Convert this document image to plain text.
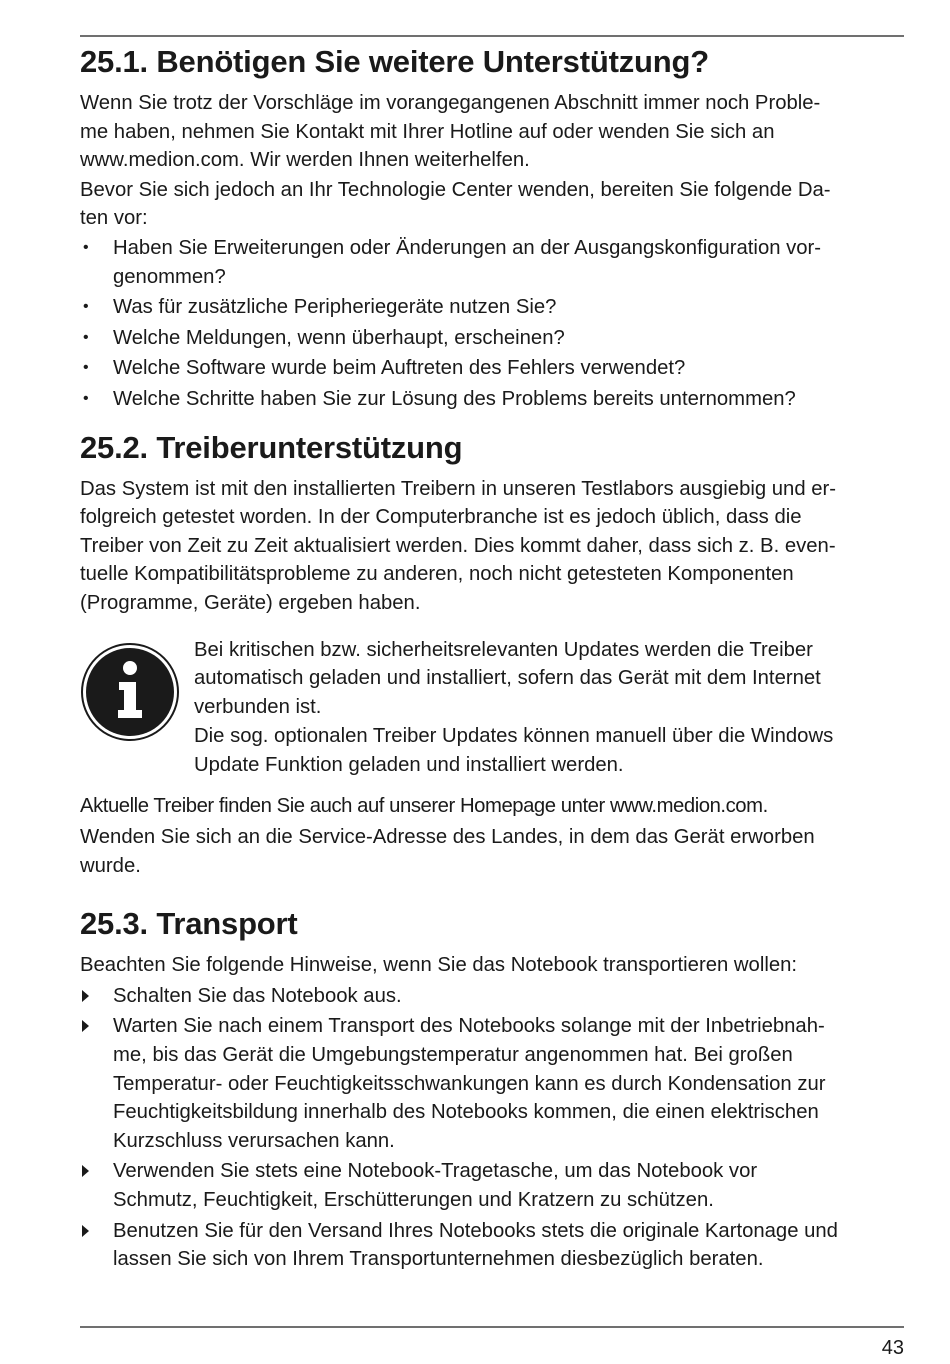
25.1. Benötigen Sie weitere Unterstützung?

Wenn Sie trotz der Vorschläge im vorangegangenen Abschnitt immer noch Proble-
me haben, nehmen Sie Kontakt mit Ihrer Hotline auf oder wenden Sie sich an
www.medion.com. Wir werden Ihnen weiterhelfen.

Bevor Sie sich jedoch an Ihr Technologie Center wenden, bereiten Sie folgende Da-
ten vor:

• Haben Sie Erweiterungen oder Änderungen an der Ausgangskonfiguration vor-
genommen?
• Was für zusätzliche Peripheriegeräte nutzen Sie?
• Welche Meldungen, wenn überhaupt, erscheinen?
• Welche Software wurde beim Auftreten des Fehlers verwendet?
• Welche Schritte haben Sie zur Lösung des Problems bereits unternommen?
25.2. Treiberunterstützung

Das System ist mit den installierten Treibern in unseren Testlabors ausgiebig und er-
folgreich getestet worden. In der Computerbranche ist es jedoch üblich, dass die
Treiber von Zeit zu Zeit aktualisiert werden. Dies kommt daher, dass sich z. B. even-
tuelle Kompatibilitätsprobleme zu anderen, noch nicht getesteten Komponenten
(Programme, Geräte) ergeben haben.

Bei kritischen bzw. sicherheitsrelevanten Updates werden die Treiber
automatisch geladen und installiert, sofern das Gerät mit dem Internet
verbunden ist.

Die sog. optionalen Treiber Updates können manuell über die Windows
Update Funktion geladen und installiert werden.

Aktuelle Treiber finden Sie auch auf unserer Homepage unter www.medion.com.

Wenden Sie sich an die Service-Adresse des Landes, in dem das Gerät erworben
wurde.

25.3. Transport

Beachten Sie folgende Hinweise, wenn Sie das Notebook transportieren wollen:

Schalten Sie das Notebook aus.
Warten Sie nach einem Transport des Notebooks solange mit der Inbetriebnah-
me, bis das Gerät die Umgebungstemperatur angenommen hat. Bei großen
Temperatur- oder Feuchtigkeitsschwankungen kann es durch Kondensation zur
Feuchtigkeitsbildung innerhalb des Notebooks kommen, die einen elektrischen
Kurzschluss verursachen kann.
Verwenden Sie stets eine Notebook-Tragetasche, um das Notebook vor
Schmutz, Feuchtigkeit, Erschütterungen und Kratzern zu schützen.
Benutzen Sie für den Versand Ihres Notebooks stets die originale Kartonage und
lassen Sie sich von Ihrem Transportunternehmen diesbezüglich beraten.
43
